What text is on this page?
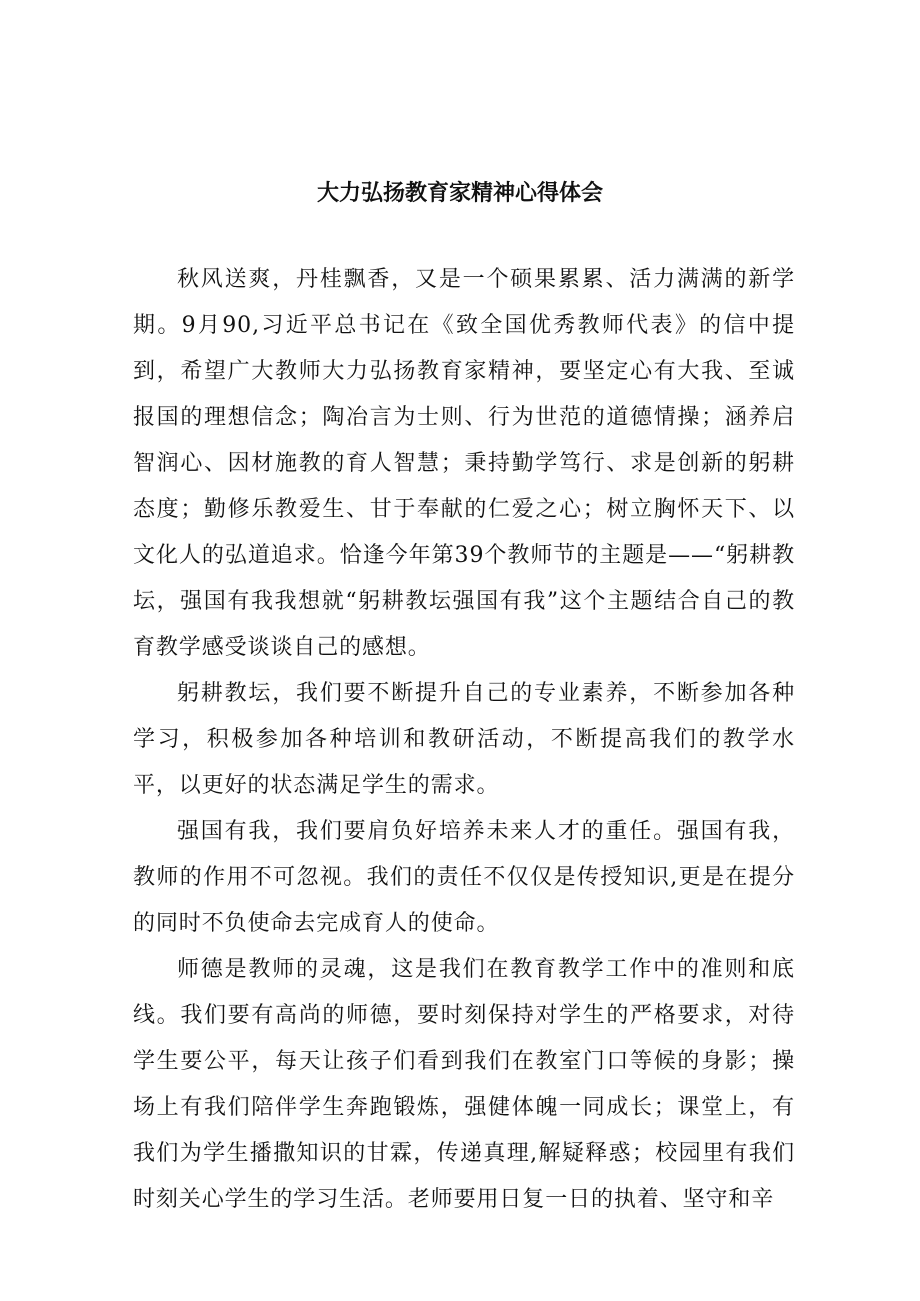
大力弘扬教育家精神心得体会

秋风送爽，丹桂飘香，又是一个硕果累累、活力满满的新学期。9月90,习近平总书记在《致全国优秀教师代表》的信中提到，希望广大教师大力弘扬教育家精神，要坚定心有大我、至诚报国的理想信念；陶冶言为士则、行为世范的道德情操；涵养启智润心、因材施教的育人智慧；秉持勤学笃行、求是创新的躬耕态度；勤修乐教爱生、甘于奉献的仁爱之心；树立胸怀天下、以文化人的弘道追求。恰逢今年第39个教师节的主题是——“躬耕教坛，强国有我我想就“躬耕教坛强国有我”这个主题结合自己的教育教学感受谈谈自己的感想。

躬耕教坛，我们要不断提升自己的专业素养，不断参加各种学习，积极参加各种培训和教研活动，不断提高我们的教学水平，以更好的状态满足学生的需求。

强国有我，我们要肩负好培养未来人才的重任。强国有我，教师的作用不可忽视。我们的责任不仅仅是传授知识,更是在提分的同时不负使命去完成育人的使命。

师德是教师的灵魂，这是我们在教育教学工作中的准则和底线。我们要有高尚的师德，要时刻保持对学生的严格要求，对待学生要公平，每天让孩子们看到我们在教室门口等候的身影；操场上有我们陪伴学生奔跑锻炼，强健体魄一同成长；课堂上，有我们为学生播撒知识的甘霖，传递真理,解疑释惑；校园里有我们时刻关心学生的学习生活。老师要用日复一日的执着、坚守和辛
